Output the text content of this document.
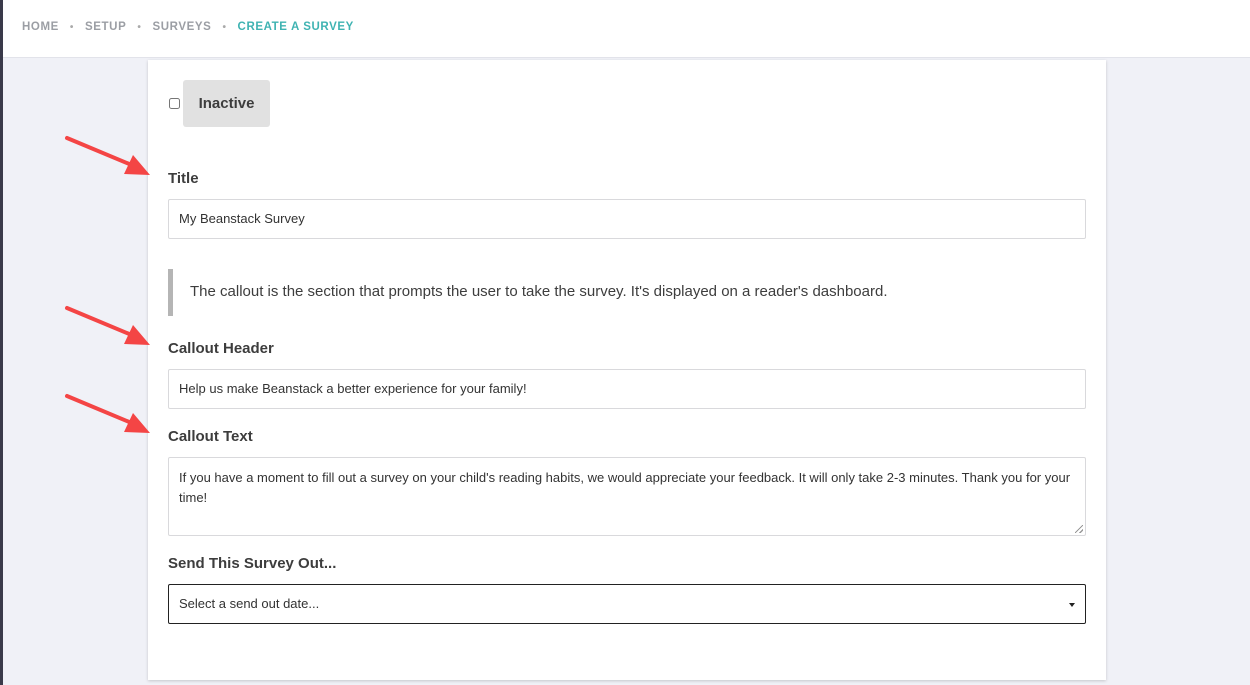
HOME • SETUP • SURVEYS • CREATE A SURVEY
Inactive
Title
My Beanstack Survey
The callout is the section that prompts the user to take the survey. It's displayed on a reader's dashboard.
Callout Header
Help us make Beanstack a better experience for your family!
Callout Text
If you have a moment to fill out a survey on your child's reading habits, we would appreciate your feedback. It will only take 2-3 minutes. Thank you for your time!
Send This Survey Out...
Select a send out date...
